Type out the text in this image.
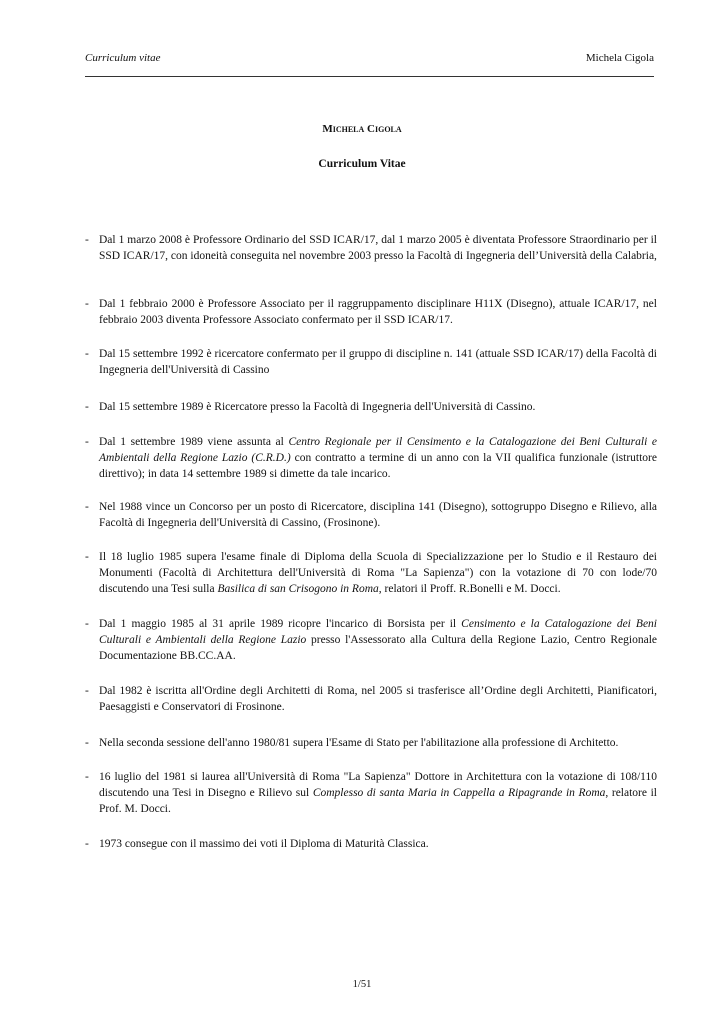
Curriculum vitae	Michela Cigola
Michela Cigola
Curriculum Vitae
- Dal 1 marzo 2008 è Professore Ordinario del SSD ICAR/17, dal 1 marzo 2005 è diventata Professore Straordinario per il SSD ICAR/17, con idoneità conseguita nel novembre 2003 presso la Facoltà di Ingegneria dell’Università della Calabria,
- Dal 1 febbraio 2000 è Professore Associato per il raggruppamento disciplinare H11X (Disegno), attuale ICAR/17, nel febbraio 2003 diventa Professore Associato confermato per il SSD ICAR/17.
- Dal 15 settembre 1992 è ricercatore confermato per il gruppo di discipline n. 141 (attuale SSD ICAR/17) della Facoltà di Ingegneria dell'Università di Cassino
- Dal 15 settembre 1989 è Ricercatore presso la Facoltà di Ingegneria dell'Università di Cassino.
- Dal 1 settembre 1989 viene assunta al Centro Regionale per il Censimento e la Catalogazione dei Beni Culturali e Ambientali della Regione Lazio (C.R.D.) con contratto a termine di un anno con la VII qualifica funzionale (istruttore direttivo); in data 14 settembre 1989 si dimette da tale incarico.
- Nel 1988 vince un Concorso per un posto di Ricercatore, disciplina 141 (Disegno), sottogruppo Disegno e Rilievo, alla Facoltà di Ingegneria dell'Università di Cassino, (Frosinone).
- Il 18 luglio 1985 supera l'esame finale di Diploma della Scuola di Specializzazione per lo Studio e il Restauro dei Monumenti (Facoltà di Architettura dell'Università di Roma "La Sapienza") con la votazione di 70 con lode/70 discutendo una Tesi sulla Basilica di san Crisogono in Roma, relatori il Proff. R.Bonelli e M. Docci.
- Dal 1 maggio 1985 al 31 aprile 1989 ricopre l'incarico di Borsista per il Censimento e la Catalogazione dei Beni Culturali e Ambientali della Regione Lazio presso l'Assessorato alla Cultura della Regione Lazio, Centro Regionale Documentazione BB.CC.AA.
- Dal 1982 è iscritta all'Ordine degli Architetti di Roma, nel 2005 si trasferisce all’Ordine degli Architetti, Pianificatori, Paesaggisti e Conservatori di Frosinone.
- Nella seconda sessione dell'anno 1980/81 supera l'Esame di Stato per l'abilitazione alla professione di Architetto.
- 16 luglio del 1981 si laurea all'Università di Roma "La Sapienza" Dottore in Architettura con la votazione di 108/110 discutendo una Tesi in Disegno e Rilievo sul Complesso di santa Maria in Cappella a Ripagrande in Roma, relatore il Prof. M. Docci.
- 1973 consegue con il massimo dei voti il Diploma di Maturità Classica.
1/51
